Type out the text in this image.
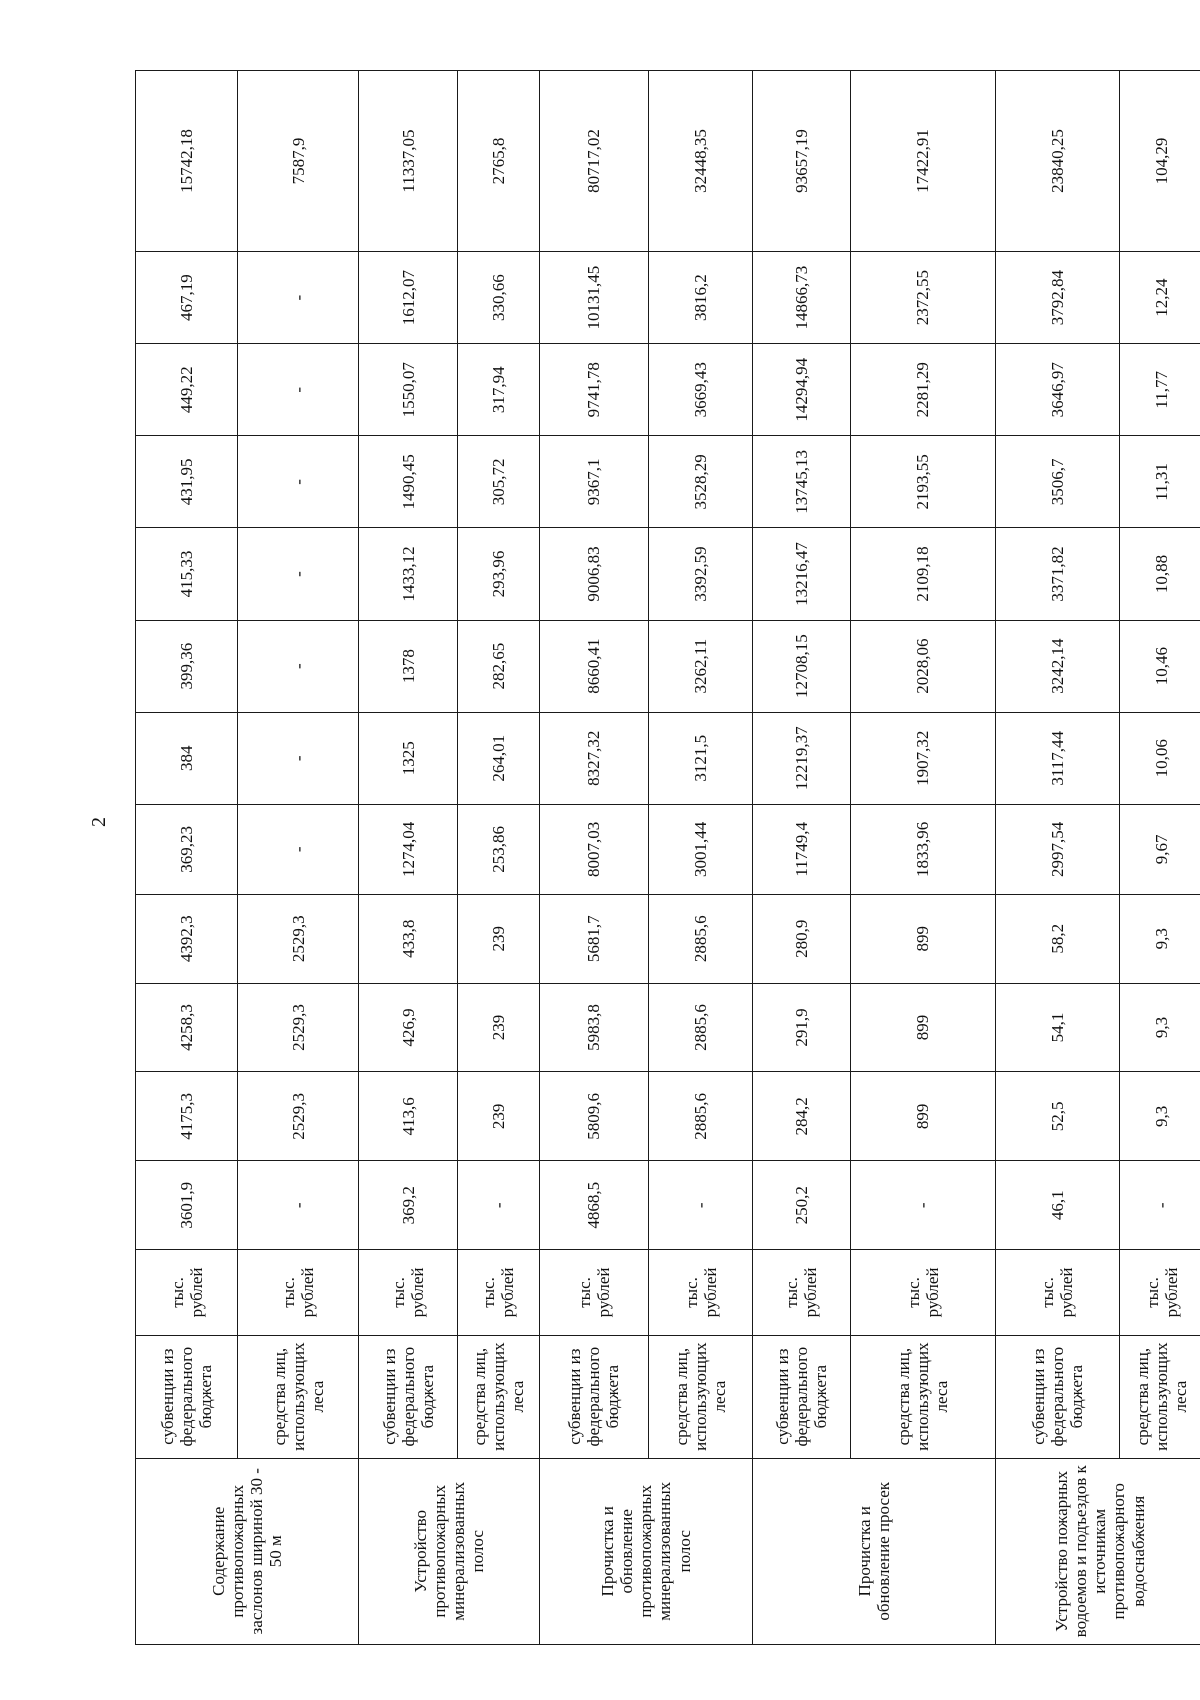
2
Содержание противопожарных заслонов шириной 30 - 50 м	субвенции из федерального бюджета	тыс. рублей	3601,9	4175,3	4258,3	4392,3	369,23	384	399,36	415,33	431,95	449,22	467,19	15742,18
	средства лиц, использующих леса	тыс. рублей	-	2529,3	2529,3	2529,3	-	-	-	-	-	-	-	7587,9
Устройство противопожарных минерализованных полос	субвенции из федерального бюджета	тыс. рублей	369,2	413,6	426,9	433,8	1274,04	1325	1378	1433,12	1490,45	1550,07	1612,07	11337,05
	средства лиц, использующих леса	тыс. рублей	-	239	239	239	253,86	264,01	282,65	293,96	305,72	317,94	330,66	2765,8
Прочистка и обновление противопожарных минерализованных полос	субвенции из федерального бюджета	тыс. рублей	4868,5	5809,6	5983,8	5681,7	8007,03	8327,32	8660,41	9006,83	9367,1	9741,78	10131,45	80717,02
	средства лиц, использующих леса	тыс. рублей	-	2885,6	2885,6	2885,6	3001,44	3121,5	3262,11	3392,59	3528,29	3669,43	3816,2	32448,35
Прочистка и обновление просек	субвенции из федерального бюджета	тыс. рублей	250,2	284,2	291,9	280,9	11749,4	12219,37	12708,15	13216,47	13745,13	14294,94	14866,73	93657,19
	средства лиц, использующих леса	тыс. рублей	-	899	899	899	1833,96	1907,32	2028,06	2109,18	2193,55	2281,29	2372,55	17422,91
Устройство пожарных водоемов и подъездов к источникам противопожарного водоснабжения	субвенции из федерального бюджета	тыс. рублей	46,1	52,5	54,1	58,2	2997,54	3117,44	3242,14	3371,82	3506,7	3646,97	3792,84	23840,25
	средства лиц, использующих леса	тыс. рублей	-	9,3	9,3	9,3	9,67	10,06	10,46	10,88	11,31	11,77	12,24	104,29
